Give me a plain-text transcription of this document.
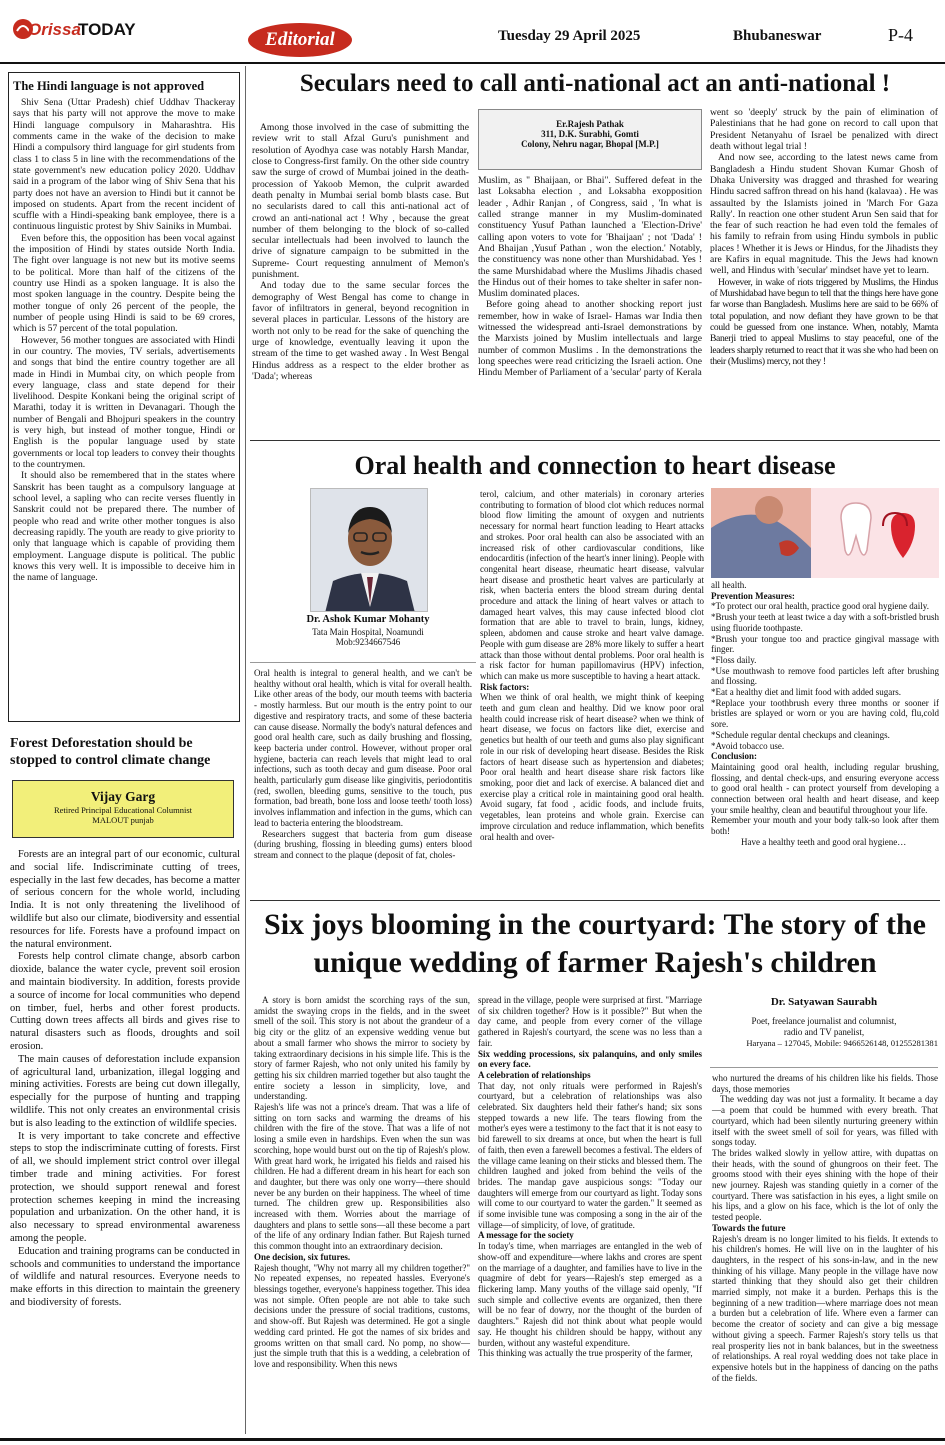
Orissa
TODAY	Editorial	Tuesday 29 April 2025	Bhubaneswar	P-4
The Hindi language is not approved

Shiv Sena (Uttar Pradesh) chief Uddhav Thackeray says that his party will not approve the move to make Hindi language compulsory in Maharashtra. His comments came in the wake of the decision to make Hindi a compulsory third language for girl students from class 1 to class 5 in line with the recommendations of the state government's new education policy 2020. Uddhav said in a program of the labor wing of Shiv Sena that his party does not have an aversion to Hindi but it cannot be imposed on students. Apart from the recent incident of scuffle with a Hindi-speaking bank employee, there is a continuous linguistic protest by Shiv Sainiks in Mumbai.

Even before this, the opposition has been vocal against the imposition of Hindi by states outside North India. The fight over language is not new but its motive seems to be political. More than half of the citizens of the country use Hindi as a spoken language. It is also the most spoken language in the country. Despite being the mother tongue of only 26 percent of the people, the number of people using Hindi is said to be 69 crores, which is 57 percent of the total population.

However, 56 mother tongues are associated with Hindi in our country. The movies, TV serials, advertisements and songs that bind the entire country together are all made in Hindi in Mumbai city, on which people from every language, class and state depend for their livelihood. Despite Konkani being the original script of Marathi, today it is written in Devanagari. Though the number of Bengali and Bhojpuri speakers in the country is very high, but instead of mother tongue, Hindi or English is the popular language used by state governments or local top leaders to convey their thoughts to the countrymen.

It should also be remembered that in the states where Sanskrit has been taught as a compulsory language at school level, a sapling who can recite verses fluently in Sanskrit could not be prepared there. The number of people who read and write other mother tongues is also decreasing rapidly. The youth are ready to give priority to only that language which is capable of providing them employment. Language dispute is political. The public knows this very well. It is impossible to deceive him in the name of language.

Forest Deforestation should be stopped to control climate change
Vijay Garg
Retired Principal Educational Columnist
MALOUT punjab

Forests are an integral part of our economic, cultural and social life. Indiscriminate cutting of trees, especially in the last few decades, has become a matter of serious concern for the whole world, including India. It is not only threatening the livelihood of wildlife but also our climate, biodiversity and essential resources for life. Forests have a profound impact on the natural environment.

Forests help control climate change, absorb carbon dioxide, balance the water cycle, prevent soil erosion and maintain biodiversity. In addition, forests provide a source of income for local communities who depend on timber, fuel, herbs and other forest products. Cutting down trees affects all birds and gives rise to natural disasters such as floods, droughts and soil erosion.

The main causes of deforestation include expansion of agricultural land, urbanization, illegal logging and mining activities. Forests are being cut down illegally, especially for the purpose of hunting and trapping wildlife. This not only creates an environmental crisis but is also leading to the extinction of wildlife species.

It is very important to take concrete and effective steps to stop the indiscriminate cutting of forests. First of all, we should implement strict control over illegal timber trade and mining activities. For forest protection, we should support renewal and forest protection schemes keeping in mind the increasing population and urbanization. On the other hand, it is also necessary to spread environmental awareness among the people.

Education and training programs can be conducted in schools and communities to understand the importance of wildlife and natural resources. Everyone needs to make efforts in this direction to maintain the greenery and biodiversity of forests.

Seculars need to call anti-national act an anti-national !

Among those involved in the case of submitting the review writ to stall Afzal Guru's punishment and resolution of Ayodhya case was notably Harsh Mandar, close to Congress-first family. On the other side country saw the surge of crowd of Mumbai joined in the death-procession of Yakoob Memon, the culprit awarded death penalty in Mumbai serial bomb blasts case. But no secularists dared to call this anti-national act of crowd an anti-national act ! Why , because the great number of them belonging to the block of so-called secular intellectuals had been involved to launch the drive of signature campaign to be submitted in the Supreme- Court requesting annulment of Memon's punishment.

And today due to the same secular forces the demography of West Bengal has come to change in favor of infiltrators in general, beyond recognition in several places in particular. Lessons of the history are worth not only to be read for the sake of quenching the urge of knowledge, eventually leaving it upon the stream of the time to get washed away . In West Bengal Hindus address as a respect to the elder brother as 'Dada'; whereas

Er.Rajesh Pathak
311, D.K. Surabhi, Gomti
Colony, Nehru nagar, Bhopal [M.P.]

Muslim, as " Bhaijaan, or Bhai". Suffered defeat in the last Loksabha election , and Loksabha exopposition leader , Adhir Ranjan , of Congress, said , 'In what is called strange manner in my Muslim-dominated constituency Yusuf Pathan launched a 'Election-Drive' calling apon voters to vote for 'Bhaijaan' ; not 'Dada' ! And Bhaijan ,Yusuf Pathan , won the election.' Notably, the constituency was none other than Murshidabad. Yes ! the same Murshidabad where the Muslims Jihadis chased the Hindus out of their homes to take shelter in safer non-Muslim dominated places.

Before going ahead to another shocking report just remember, how in wake of Israel- Hamas war India then witnessed the widespread anti-Israel demonstrations by the Marxists joined by Muslim intellectuals and large number of common Muslims . In the demonstrations the long speeches were read criticizing the Israeli action. One Hindu Member of Parliament of a 'secular' party of Kerala

went so 'deeply' struck by the pain of elimination of Palestinians that he had gone on record to call upon that President Netanyahu of Israel be penalized with direct death without legal trial !

And now see, according to the latest news came from Bangladesh a Hindu student Shovan Kumar Ghosh of Dhaka University was dragged and thrashed for wearing Hindu sacred saffron thread on his hand (kalavaa) . He was assaulted by the Islamists joined in 'March For Gaza Rally'. In reaction one other student Arun Sen said that for the fear of such reaction he had even told the females of his family to refrain from using Hindu symbols in public places ! Whether it is Jews or Hindus, for the Jihadists they are Kafirs in equal magnitude. This the Jews had known well, and Hindus with 'secular' mindset have yet to learn.

However, in wake of riots triggered by Muslims, the Hindus of Murshidabad have begun to tell that the things here have gone far worse than Bangladesh. Muslims here are said to be 66% of total population, and now defiant they have grown to be that could be guessed from one instance. When, notably, Mamta Banerji tried to appeal Muslims to stay peaceful, one of the leaders sharply returned to react that it was she who had been on their (Muslims) mercy, not they !

Oral health and connection to heart disease
Dr. Ashok Kumar Mohanty
Tata Main Hospital, Noamundi
Mob:9234667546

Oral health is integral to general health, and we can't be healthy without oral health, which is vital for overall health. Like other areas of the body, our mouth teems with bacteria - mostly harmless. But our mouth is the entry point to our digestive and respiratory tracts, and some of these bacteria can cause disease. Normally the body's natural defences and good oral health care, such as daily brushing and flossing, keep bacteria under control. However, without proper oral hygiene, bacteria can reach levels that might lead to oral infections, such as tooth decay and gum disease. Poor oral health, particularly gum disease like gingivitis, periodontitis (red, swollen, bleeding gums, sensitive to the touch, pus formation, bad breath, bone loss and loose teeth/ tooth loss) involves inflammation and infection in the gums, which can lead to bacteria entering the bloodstream.

Researchers suggest that bacteria from gum disease (during brushing, flossing in bleeding gums) enters blood stream and connect to the plaque (deposit of fat, choles-

terol, calcium, and other materials) in coronary arteries contributing to formation of blood clot which reduces normal blood flow limiting the amount of oxygen and nutrients necessary for normal heart function leading to Heart attacks and strokes. Poor oral health can also be associated with an increased risk of other cardiovascular conditions, like endocarditis (infection of the heart's inner lining). People with congenital heart disease, rheumatic heart disease, valvular heart disease and prosthetic heart valves are particularly at risk, when bacteria enters the blood stream during dental procedure and attack the lining of heart valves or attach to damaged heart valves, this may cause infected blood clot formation that are able to travel to brain, lungs, kidney, spleen, abdomen and cause stroke and heart valve damage. People with gum disease are 28% more likely to suffer a heart attack than those without dental problems. Poor oral health is a risk factor for human papillomavirus (HPV) infection, which can make us more susceptible to having a heart attack.

Risk factors:

When we think of oral health, we might think of keeping teeth and gum clean and healthy. Did we know poor oral health could increase risk of heart disease? when we think of heart disease, we focus on factors like diet, exercise and genetics but health of our teeth and gums also play significant role in our risk of developing heart disease. Besides the Risk factors of heart disease such as hypertension and diabetes; Poor oral health and heart disease share risk factors like smoking, poor diet and lack of exercise. A balanced diet and exercise play a critical role in maintaining good oral health. Avoid sugary, fat food , acidic foods, and include fruits, vegetables, lean proteins and whole grain. Exercise can improve circulation and reduce inflammation, which benefits oral health and over-

all health.

Prevention Measures:

*To protect our oral health, practice good oral hygiene daily.

*Brush your teeth at least twice a day with a soft-bristled brush using fluoride toothpaste.

*Brush your tongue too and practice gingival massage with finger.

*Floss daily.

*Use mouthwash to remove food particles left after brushing and flossing.

*Eat a healthy diet and limit food with added sugars.

*Replace your toothbrush every three months or sooner if bristles are splayed or worn or you are having cold, flu,cold sore.

*Schedule regular dental checkups and cleanings.

*Avoid tobacco use.

Conclusion:

Maintaining good oral health, including regular brushing, flossing, and dental check-ups, and ensuring everyone access to good oral health - can protect yourself from developing a connection between oral health and heart disease, and keep your smile healthy, clean and beautiful throughout your life.

Remember your mouth and your body talk-so look after them both!

Have a healthy teeth and good oral hygiene…

Six joys blooming in the courtyard: The story of the
unique wedding of farmer Rajesh's children

A story is born amidst the scorching rays of the sun, amidst the swaying crops in the fields, and in the sweet smell of the soil. This story is not about the grandeur of a big city or the glitz of an expensive wedding venue but about a small farmer who shows the mirror to society by taking extraordinary decisions in his simple life. This is the story of farmer Rajesh, who not only united his family by getting his six children married together but also taught the entire society a lesson in simplicity, love, and understanding.

Rajesh's life was not a prince's dream. That was a life of sitting on torn sacks and warming the dreams of his children with the fire of the stove. That was a life of not losing a smile even in hardships. Even when the sun was scorching, hope would burst out on the tip of Rajesh's plow. With great hard work, he irrigated his fields and raised his children. He had a different dream in his heart for each son and daughter, but there was only one worry—there should never be any burden on their happiness. The wheel of time turned. The children grew up. Responsibilities also increased with them. Worries about the marriage of daughters and plans to settle sons—all these become a part of the life of any ordinary Indian father. But Rajesh turned this common thought into an extraordinary decision.

One decision, six futures.

Rajesh thought, "Why not marry all my children together?" No repeated expenses, no repeated hassles. Everyone's blessings together, everyone's happiness together. This idea was not simple. Often people are not able to take such decisions under the pressure of social traditions, customs, and show-off. But Rajesh was determined. He got a single wedding card printed. He got the names of six brides and grooms written on that small card. No pomp, no show—just the simple truth that this is a wedding, a celebration of love and responsibility. When this news

spread in the village, people were surprised at first. "Marriage of six children together? How is it possible?" But when the day came, and people from every corner of the village gathered in Rajesh's courtyard, the scene was no less than a fair.

Six wedding processions, six palanquins, and only smiles on every face.

A celebration of relationships

That day, not only rituals were performed in Rajesh's courtyard, but a celebration of relationships was also celebrated. Six daughters held their father's hand; six sons stepped towards a new life. The tears flowing from the mother's eyes were a testimony to the fact that it is not easy to bid farewell to six dreams at once, but when the heart is full of faith, then even a farewell becomes a festival. The elders of the village came leaning on their sticks and blessed them. The children laughed and joked from behind the veils of the brides. The mandap gave auspicious songs: "Today our daughters will emerge from our courtyard as light. Today sons will come to our courtyard to water the garden." It seemed as if some invisible tune was composing a song in the air of the village—of simplicity, of love, of gratitude.

A message for the society

In today's time, when marriages are entangled in the web of show-off and expenditure—where lakhs and crores are spent on the marriage of a daughter, and families have to live in the quagmire of debt for years—Rajesh's step emerged as a flickering lamp. Many youths of the village said openly, "If such simple and collective events are organized, then there will be no fear of dowry, nor the thought of the burden of daughters." Rajesh did not think about what people would say. He thought his children should be happy, without any burden, without any wasteful expenditure.

This thinking was actually the true prosperity of the farmer,

Dr. Satyawan Saurabh
Poet, freelance journalist and columnist,
radio and TV panelist,
Haryana – 127045, Mobile: 9466526148, 01255281381

who nurtured the dreams of his children like his fields. Those days, those memories

The wedding day was not just a formality. It became a day—a poem that could be hummed with every breath. That courtyard, which had been silently nurturing greenery within itself with the sweet smell of soil for years, was filled with songs today.

The brides walked slowly in yellow attire, with dupattas on their heads, with the sound of ghungroos on their feet. The grooms stood with their eyes shining with the hope of their new journey. Rajesh was standing quietly in a corner of the courtyard. There was satisfaction in his eyes, a light smile on his lips, and a glow on his face, which is the lot of only the tested people.

Towards the future

Rajesh's dream is no longer limited to his fields. It extends to his children's homes. He will live on in the laughter of his daughters, in the respect of his sons-in-law, and in the new thinking of his village. Many people in the village have now started thinking that they should also get their children married simply, not make it a burden. Perhaps this is the beginning of a new tradition—where marriage does not mean a burden but a celebration of life. Where even a farmer can become the creator of society and can give a big message without giving a speech. Farmer Rajesh's story tells us that real prosperity lies not in bank balances, but in the sweetness of relationships. A real royal wedding does not take place in expensive hotels but in the happiness of dancing on the paths of the fields.
